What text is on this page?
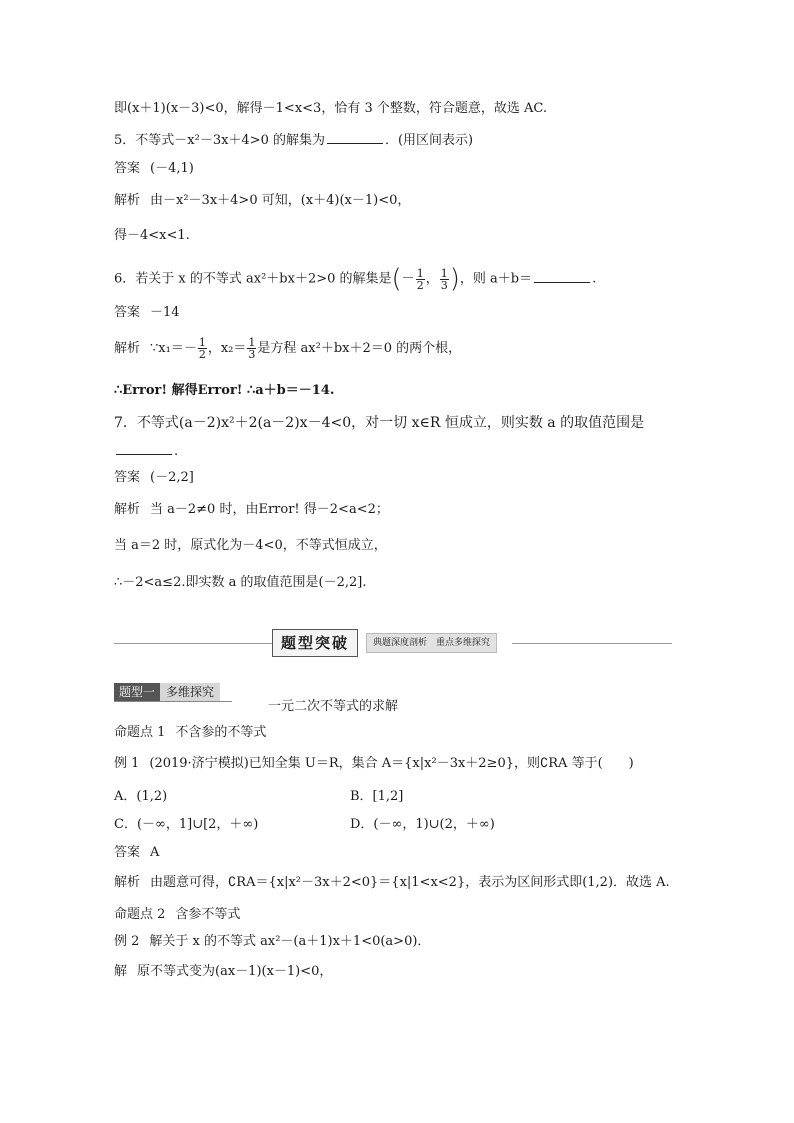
即(x＋1)(x－3)<0，解得－1<x<3，恰有 3 个整数，符合题意，故选 AC.
5．不等式－x²－3x＋4>0 的解集为	．(用区间表示)
答案 (－4,1)
解析 由－x²－3x＋4>0 可知，(x＋4)(x－1)<0，
得－4<x<1.
6．若关于 x 的不等式 ax²＋bx＋2>0 的解集是(－ $\frac{1}{2}$ ， $\frac{1}{3}$ )，则 a＋b＝	.
答案 －14
解析 ∵x₁＝－ $\frac{1}{2}$ ，$x_2= \frac{1}{3}$ 是方程 ax²＋bx＋2＝0 的两个根，
∴Error! 解得Error! ∴a＋b＝－14.
7．不等式(a－2)x²＋2(a－2)x－4<0，对一切 x∈R 恒成立，则实数 a 的取值范围是
.
答案 (－2,2]
解析 当 a－2≠0 时，由Error! 得－2<a<2；
当 a＝2 时，原式化为－4<0，不等式恒成立，
∴－2<a≤2.即实数 a 的取值范围是(－2,2].
题型突破	典题深度剖析　重点多维探究
题型一 多维探究
一元二次不等式的求解
命题点 1 不含参的不等式
例 1 (2019·济宁模拟)已知全集 U＝R，集合 A＝{x|x²－3x＋2≥0}，则∁RA 等于(　　)
A．(1,2)	B．[1,2]
C．(－∞，1]∪[2，＋∞)	D．(－∞，1)∪(2，＋∞)
答案 A
解析 由题意可得，∁RA＝{x|x²－3x＋2<0}＝{x|1<x<2}，表示为区间形式即(1,2)．故选 A.
命题点 2 含参不等式
例 2 解关于 x 的不等式 ax²－(a＋1)x＋1<0(a>0)．
解 原不等式变为(ax－1)(x－1)<0，
